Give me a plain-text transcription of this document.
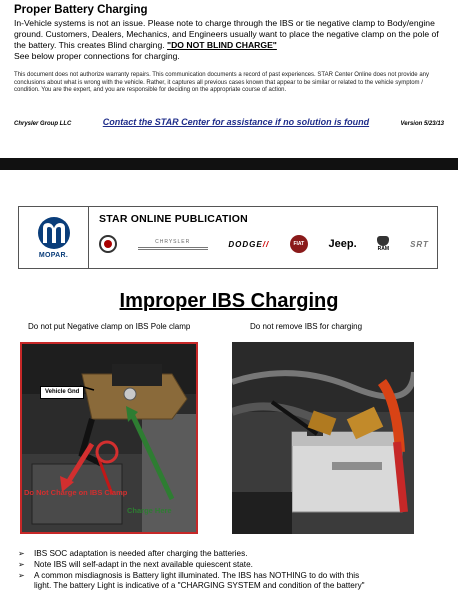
Proper Battery Charging

In-Vehicle systems is not an issue. Please note to charge through the IBS or tie negative clamp to Body/engine ground. Customers, Dealers, Mechanics, and Engineers usually want to place the negative clamp on the pole of the battery. This creates Blind charging. "DO NOT BLIND CHARGE"
See below proper connections for charging.

This document does not authorize warranty repairs. This communication documents a record of past experiences. STAR Center Online does not provide any conclusions about what is wrong with the vehicle. Rather, it captures all previous cases known that appear to be similar or related to the vehicle symptom / condition. You are the expert, and you are responsible for deciding on the appropriate course of action.

Chrysler Group LLC	Contact the STAR Center for assistance if no solution is found	Version 5/23/13
MOPAR.
STAR ONLINE PUBLICATION
CHRYSLER	DODGE//	FIAT Jeep.	RAM
SRT
Improper IBS Charging
Do not put Negative clamp on IBS Pole clamp	Do not remove IBS for charging
Vehicle Gnd
Do Not Charge on IBS Clamp
Charge Here
➢ IBS SOC adaptation is needed after charging the batteries.
➢ Note IBS will self-adapt in the next available quiescent state.
➢ A common misdiagnosis is Battery light illuminated. The IBS has NOTHING to do with this
light. The battery Light is indicative of a "CHARGING SYSTEM and condition of the battery"
